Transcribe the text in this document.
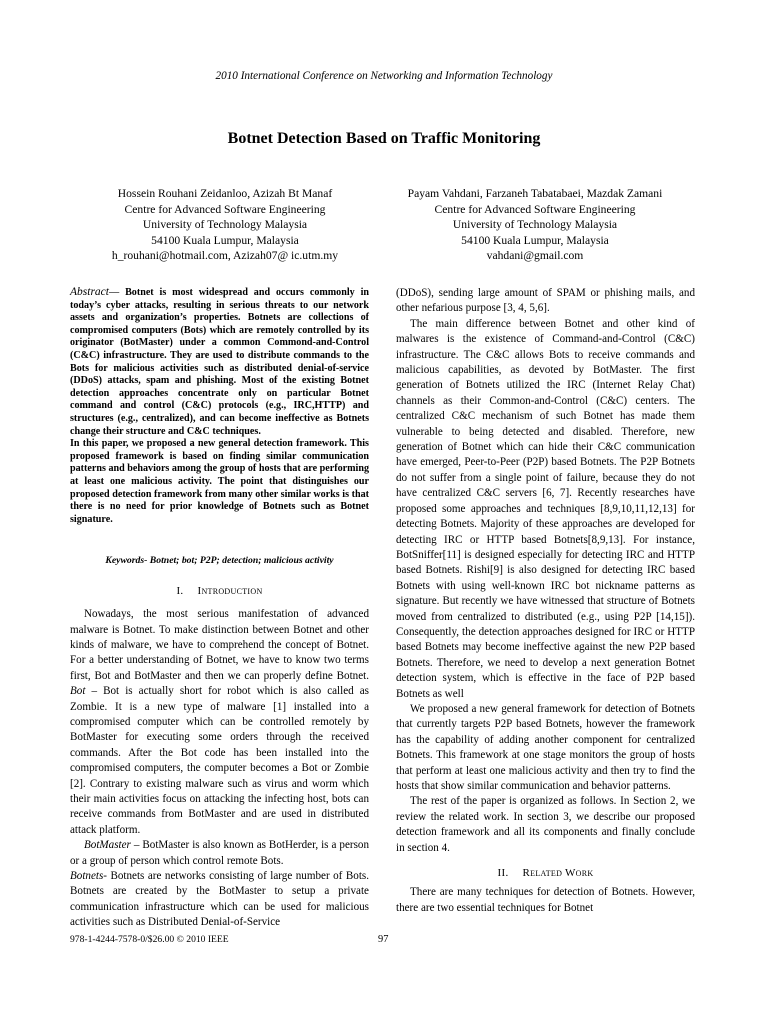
2010 International Conference on Networking and Information Technology
Botnet Detection Based on Traffic Monitoring
Hossein Rouhani Zeidanloo, Azizah Bt Manaf
Centre for Advanced Software Engineering
University of Technology Malaysia
54100 Kuala Lumpur, Malaysia
h_rouhani@hotmail.com, Azizah07@ ic.utm.my
Payam Vahdani, Farzaneh Tabatabaei, Mazdak Zamani
Centre for Advanced Software Engineering
University of Technology Malaysia
54100 Kuala Lumpur, Malaysia
vahdani@gmail.com

Abstract— Botnet is most widespread and occurs commonly in today’s cyber attacks, resulting in serious threats to our network assets and organization’s properties. Botnets are collections of compromised computers (Bots) which are remotely controlled by its originator (BotMaster) under a common Commond-and-Control (C&C) infrastructure. They are used to distribute commands to the Bots for malicious activities such as distributed denial-of-service (DDoS) attacks, spam and phishing. Most of the existing Botnet detection approaches concentrate only on particular Botnet command and control (C&C) protocols (e.g., IRC,HTTP) and structures (e.g., centralized), and can become ineffective as Botnets change their structure and C&C techniques.

In this paper, we proposed a new general detection framework. This proposed framework is based on finding similar communication patterns and behaviors among the group of hosts that are performing at least one malicious activity. The point that distinguishes our proposed detection framework from many other similar works is that there is no need for prior knowledge of Botnets such as Botnet signature.

Keywords- Botnet; bot; P2P; detection; malicious activity

I. Introduction

Nowadays, the most serious manifestation of advanced malware is Botnet. To make distinction between Botnet and other kinds of malware, we have to comprehend the concept of Botnet. For a better understanding of Botnet, we have to know two terms first, Bot and BotMaster and then we can properly define Botnet. Bot – Bot is actually short for robot which is also called as Zombie. It is a new type of malware [1] installed into a compromised computer which can be controlled remotely by BotMaster for executing some orders through the received commands. After the Bot code has been installed into the compromised computers, the computer becomes a Bot or Zombie [2]. Contrary to existing malware such as virus and worm which their main activities focus on attacking the infecting host, bots can receive commands from BotMaster and are used in distributed attack platform.

BotMaster – BotMaster is also known as BotHerder, is a person or a group of person which control remote Bots.

Botnets- Botnets are networks consisting of large number of Bots. Botnets are created by the BotMaster to setup a private communication infrastructure which can be used for malicious activities such as Distributed Denial-of-Service

(DDoS), sending large amount of SPAM or phishing mails, and other nefarious purpose [3, 4, 5,6].

The main difference between Botnet and other kind of malwares is the existence of Command-and-Control (C&C) infrastructure. The C&C allows Bots to receive commands and malicious capabilities, as devoted by BotMaster. The first generation of Botnets utilized the IRC (Internet Relay Chat) channels as their Common-and-Control (C&C) centers. The centralized C&C mechanism of such Botnet has made them vulnerable to being detected and disabled. Therefore, new generation of Botnet which can hide their C&C communication have emerged, Peer-to-Peer (P2P) based Botnets. The P2P Botnets do not suffer from a single point of failure, because they do not have centralized C&C servers [6, 7]. Recently researches have proposed some approaches and techniques [8,9,10,11,12,13] for detecting Botnets. Majority of these approaches are developed for detecting IRC or HTTP based Botnets[8,9,13]. For instance, BotSniffer[11] is designed especially for detecting IRC and HTTP based Botnets. Rishi[9] is also designed for detecting IRC based Botnets with using well-known IRC bot nickname patterns as signature. But recently we have witnessed that structure of Botnets moved from centralized to distributed (e.g., using P2P [14,15]). Consequently, the detection approaches designed for IRC or HTTP based Botnets may become ineffective against the new P2P based Botnets. Therefore, we need to develop a next generation Botnet detection system, which is effective in the face of P2P based Botnets as well

We proposed a new general framework for detection of Botnets that currently targets P2P based Botnets, however the framework has the capability of adding another component for centralized Botnets. This framework at one stage monitors the group of hosts that perform at least one malicious activity and then try to find the hosts that show similar communication and behavior patterns.

The rest of the paper is organized as follows. In Section 2, we review the related work. In section 3, we describe our proposed detection framework and all its components and finally conclude in section 4.

II. Related Work

There are many techniques for detection of Botnets. However, there are two essential techniques for Botnet

978-1-4244-7578-0/$26.00 © 2010 IEEE	97
